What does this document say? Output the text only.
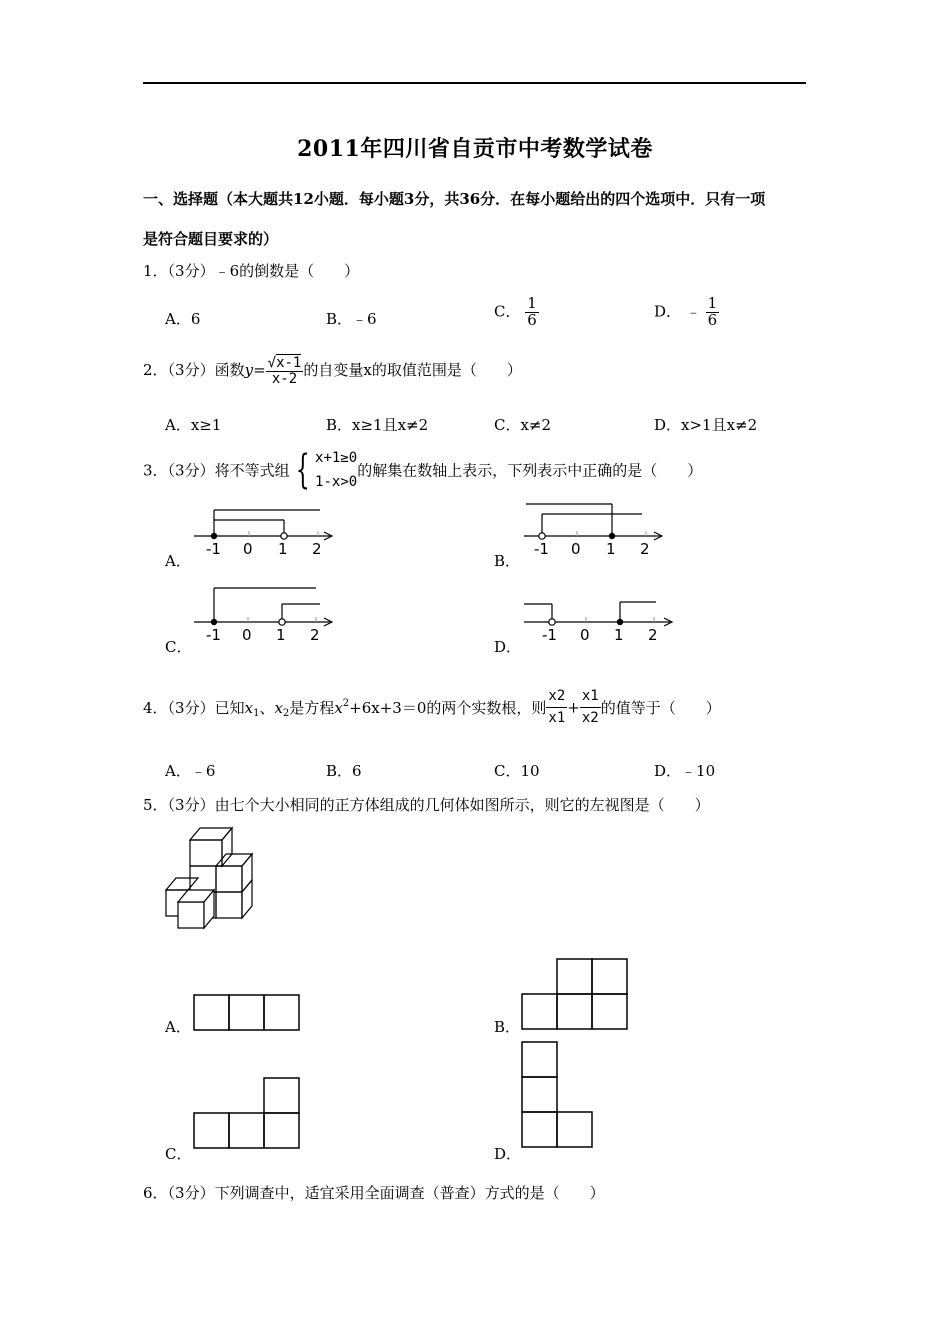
2011年四川省自贡市中考数学试卷
一、选择题（本大题共12小题．每小题3分，共36分．在每小题给出的四个选项中．只有一项
是符合题目要求的）
1．（3分）﹣6的倒数是（　　）
A．6	B．﹣6	C． $\frac{1}{6}$	D． ﹣ $\frac{1}{6}$
2．（3分）函数$y= \frac{√x-1}{x-2}$ 的自变量x的取值范围是（　　）
A．x≥1	B．x≥1且x≠2	C．x≠2	D．x>1且x≠2
3．（3分）将不等式组 { x+1≥0
1-x>0
的解集在数轴上表示，下列表示中正确的是（　　）
A．
-1 0 1 2
B．
-1 0 1 2
C．
-1 0 1 2
D．
-1 0 1 2
4．（3分）已知$x_1$、$x_2$是方程$x^2+6x+3=0$的两个实数根，则 $\frac{x2}{x1} + \frac{x1}{x2}$ 的值等于（　　）
A．﹣6	B．6	C．10	D．﹣10
5．（3分）由七个大小相同的正方体组成的几何体如图所示，则它的左视图是（　　）
A．	B．
C．	D．
6．（3分）下列调查中，适宜采用全面调查（普查）方式的是（　　）
